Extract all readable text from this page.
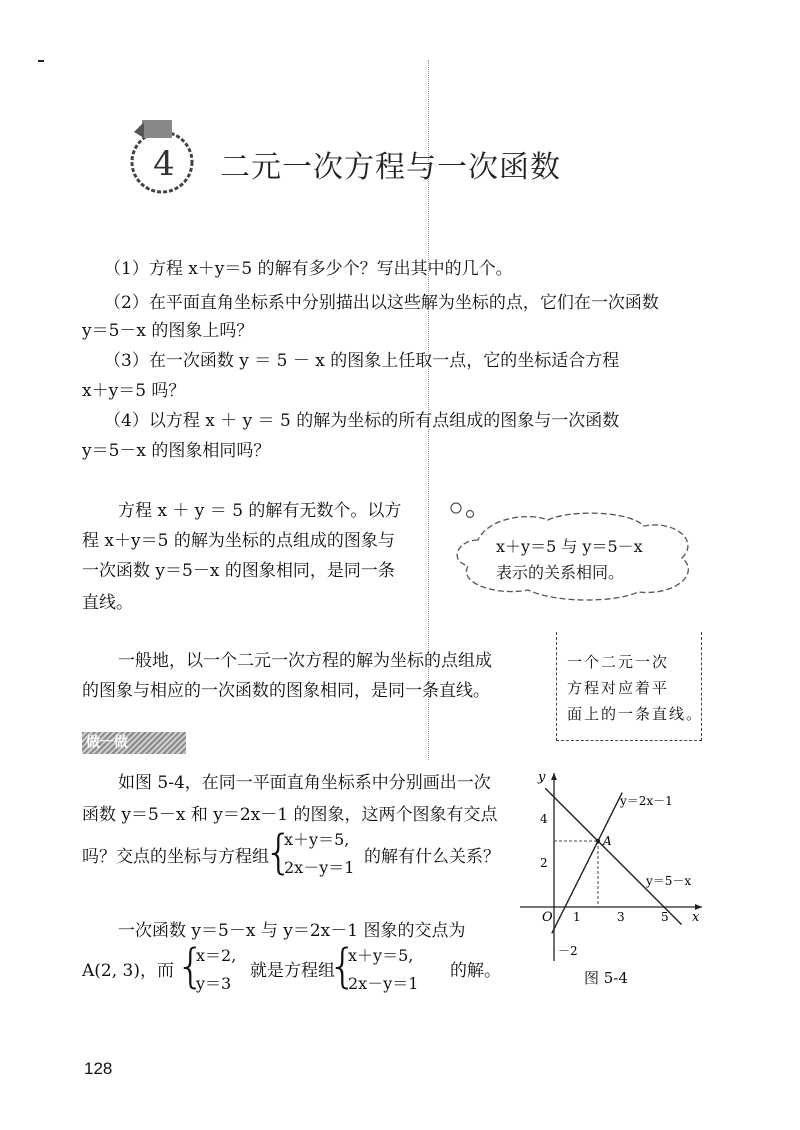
4	二元一次方程与一次函数
（1）方程 x＋y＝5 的解有多少个？写出其中的几个。
（2）在平面直角坐标系中分别描出以这些解为坐标的点，它们在一次函数
y＝5－x 的图象上吗？
（3）在一次函数 y ＝ 5 － x 的图象上任取一点，它的坐标适合方程
x＋y＝5 吗？
（4）以方程 x ＋ y ＝ 5 的解为坐标的所有点组成的图象与一次函数
y＝5－x 的图象相同吗？
方程 x ＋ y ＝ 5 的解有无数个。以方
程 x＋y＝5 的解为坐标的点组成的图象与
一次函数 y＝5－x 的图象相同，是同一条
直线。
x＋y＝5 与 y＝5－x
表示的关系相同。
一般地，以一个二元一次方程的解为坐标的点组成
的图象与相应的一次函数的图象相同，是同一条直线。
一个二元一次
方程对应着平
面上的一条直线。
做一做
如图 5-4，在同一平面直角坐标系中分别画出一次
函数 y＝5－x 和 y＝2x－1 的图象，这两个图象有交点
吗？交点的坐标与方程组
{
x＋y＝5,
2x－y＝1
的解有什么关系？
一次函数 y＝5－x 与 y＝2x－1 图象的交点为
A(2, 3)，而 {
x＝2,
y＝3
就是方程组
{
x＋y＝5,
2x－y＝1
的解。
y
x
O 1	3	5
4
2
－2
A
y＝2x－1
y＝5－x
图 5-4
128
